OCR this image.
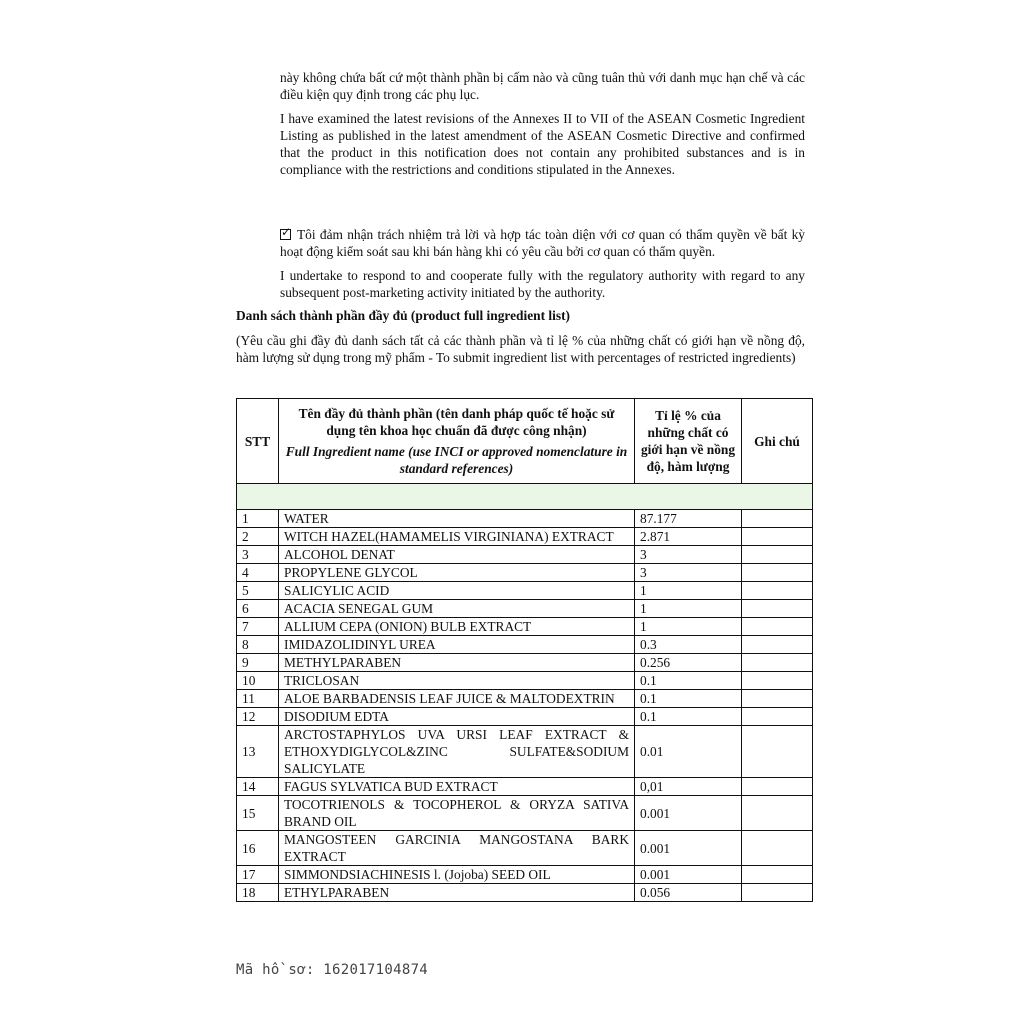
này không chứa bất cứ một thành phần bị cấm nào và cũng tuân thủ với danh mục hạn chế và các điều kiện quy định trong các phụ lục.

I have examined the latest revisions of the Annexes II to VII of the ASEAN Cosmetic Ingredient Listing as published in the latest amendment of the ASEAN Cosmetic Directive and confirmed that the product in this notification does not contain any prohibited substances and is in compliance with the restrictions and conditions stipulated in the Annexes.

✓ Tôi đảm nhận trách nhiệm trả lời và hợp tác toàn diện với cơ quan có thẩm quyền về bất kỳ hoạt động kiểm soát sau khi bán hàng khi có yêu cầu bởi cơ quan có thẩm quyền.

I undertake to respond to and cooperate fully with the regulatory authority with regard to any subsequent post-marketing activity initiated by the authority.

Danh sách thành phần đầy đủ (product full ingredient list)

(Yêu cầu ghi đầy đủ danh sách tất cả các thành phần và tỉ lệ % của những chất có giới hạn về nồng độ, hàm lượng sử dụng trong mỹ phẩm - To submit ingredient list with percentages of restricted ingredients)

STT	Tên đầy đủ thành phần (tên danh pháp quốc tế hoặc sử dụng tên khoa học chuẩn đã được công nhận)
Full Ingredient name (use INCI or approved nomenclature in standard references)	Tỉ lệ % của những chất có giới hạn về nồng độ, hàm lượng	Ghi chú

1	WATER	87.177	
2	WITCH HAZEL(HAMAMELIS VIRGINIANA) EXTRACT	2.871	
3	ALCOHOL DENAT	3	
4	PROPYLENE GLYCOL	3	
5	SALICYLIC ACID	1	
6	ACACIA SENEGAL GUM	1	
7	ALLIUM CEPA (ONION) BULB EXTRACT	1	
8	IMIDAZOLIDINYL UREA	0.3	
9	METHYLPARABEN	0.256	
10	TRICLOSAN	0.1	
11	ALOE BARBADENSIS LEAF JUICE & MALTODEXTRIN	0.1	
12	DISODIUM EDTA	0.1	
13	ARCTOSTAPHYLOS UVA URSI LEAF EXTRACT & ETHOXYDIGLYCOL&ZINC SULFATE&SODIUM SALICYLATE	0.01	
14	FAGUS SYLVATICA BUD EXTRACT	0,01	
15	TOCOTRIENOLS & TOCOPHEROL & ORYZA SATIVA BRAND OIL	0.001	
16	MANGOSTEEN GARCINIA MANGOSTANA BARK EXTRACT	0.001	
17	SIMMONDSIACHINESIS l. (Jojoba) SEED OIL	0.001	
18	ETHYLPARABEN	0.056	
Mã hồ sơ: 162017104874
